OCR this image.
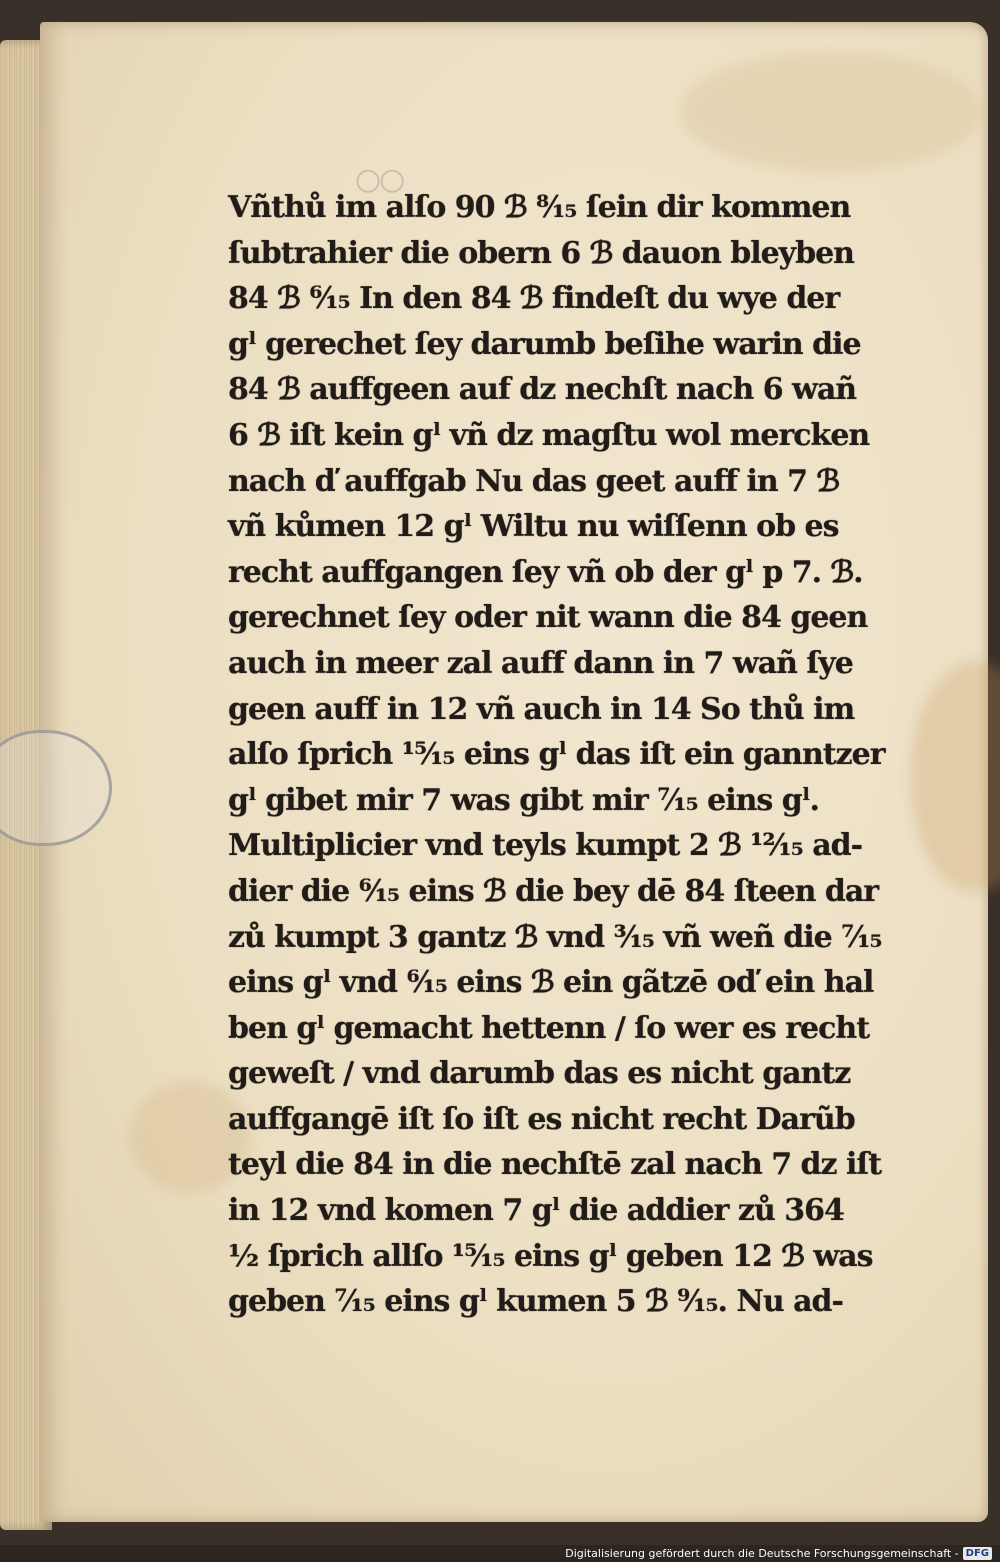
○○
Vñthů im alſo 90 ℬ ⁸⁄₁₅ ſein dir kommen
ſubtrahier die obern 6 ℬ dauon bleyben
84 ℬ ⁶⁄₁₅ In den 84 ℬ findeſt du wye der
gˡ gerechet ſey darumb beſihe warin die
84 ℬ auffgeen auf dz nechſt nach 6 wañ
6 ℬ iſt kein gˡ vñ dz magſtu wol mercken
nach ď auffgab Nu das geet auff in 7 ℬ
vñ kůmen 12 gˡ Wiltu nu wiſſenn ob es
recht auffgangen ſey vñ ob der gˡ p 7. ℬ.
gerechnet ſey oder nit wann die 84 geen
auch in meer zal auff dann in 7 wañ ſye
geen auff in 12 vñ auch in 14 So thů im
alſo ſprich ¹⁵⁄₁₅ eins gˡ das iſt ein ganntzer
gˡ gibet mir 7 was gibt mir ⁷⁄₁₅ eins gˡ.
Multiplicier vnd teyls kumpt 2 ℬ ¹²⁄₁₅ ad-
dier die ⁶⁄₁₅ eins ℬ die bey dē 84 ſteen dar
zů kumpt 3 gantz ℬ vnd ³⁄₁₅ vñ weñ die ⁷⁄₁₅
eins gˡ vnd ⁶⁄₁₅ eins ℬ ein gãtzē oď ein hal
ben gˡ gemacht hettenn / ſo wer es recht
geweſt / vnd darumb das es nicht gantz
auffgangē iſt ſo iſt es nicht recht Darũb
teyl die 84 in die nechſtē zal nach 7 dz iſt
in 12 vnd komen 7 gˡ die addier zů 364
½ ſprich allſo ¹⁵⁄₁₅ eins gˡ geben 12 ℬ was
geben ⁷⁄₁₅ eins gˡ kumen 5 ℬ ⁹⁄₁₅. Nu ad-
Digitalisierung gefördert durch die Deutsche Forschungsgemeinschaft - DFG
